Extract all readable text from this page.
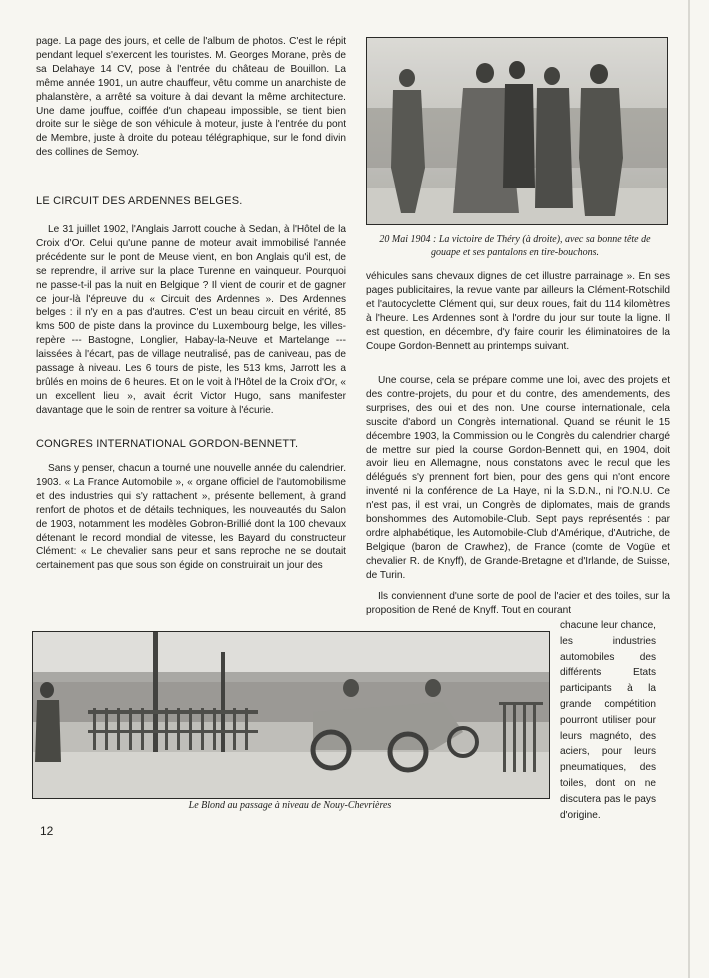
page. La page des jours, et celle de l'album de photos. C'est le répit pendant lequel s'exercent les touristes. M. Georges Morane, près de sa Delahaye 14 CV, pose à l'entrée du château de Bouillon. La même année 1901, un autre chauffeur, vêtu comme un anarchiste de phalanstère, a arrêté sa voiture à dai devant la même architecture. Une dame jouffue, coiffée d'un chapeau impossible, se tient bien droite sur le siège de son véhicule à moteur, juste à l'entrée du pont de Membre, juste à droite du poteau télégraphique, sur le fond divin des collines de Semoy.

LE CIRCUIT DES ARDENNES BELGES.

Le 31 juillet 1902, l'Anglais Jarrott couche à Sedan, à l'Hôtel de la Croix d'Or. Celui qu'une panne de moteur avait immobilisé l'année précédente sur le pont de Meuse vient, en bon Anglais qu'il est, de se reprendre, il arrive sur la place Turenne en vainqueur. Pourquoi ne passe-t-il pas la nuit en Belgique ? Il vient de courir et de gagner ce jour-là l'épreuve du « Circuit des Ardennes ». Des Ardennes belges : il n'y en a pas d'autres. C'est un beau circuit en vérité, 85 kms 500 de piste dans la province du Luxembourg belge, les villes-repère --- Bastogne, Longlier, Habay-la-Neuve et Martelange --- laissées à l'écart, pas de village neutralisé, pas de caniveau, pas de passage à niveau. Les 6 tours de piste, les 513 kms, Jarrott les a brûlés en moins de 6 heures. Et on le voit à l'Hôtel de la Croix d'Or, « un excellent lieu », avait écrit Victor Hugo, sans manifester davantage que le soin de rentrer sa voiture à l'écurie.

CONGRES INTERNATIONAL GORDON-BENNETT.

Sans y penser, chacun a tourné une nouvelle année du calendrier. 1903. « La France Automobile », « organe officiel de l'automobilisme et des industries qui s'y rattachent », présente bellement, à grand renfort de photos et de détails techniques, les nouveautés du Salon de 1903, notamment les modèles Gobron-Brillié dont la 100 chevaux détenant le record mondial de vitesse, les Bayard du constructeur Clément: « Le chevalier sans peur et sans reproche ne se doutait certainement pas que sous son égide on construirait un jour des

20 Mai 1904 : La victoire de Théry (à droite), avec sa bonne tête de gouape et ses pantalons en tire-bouchons.

véhicules sans chevaux dignes de cet illustre parrainage ». En ses pages publicitaires, la revue vante par ailleurs la Clément-Rotschild et l'autocyclette Clément qui, sur deux roues, fait du 114 kilomètres à l'heure. Les Ardennes sont à l'ordre du jour sur toute la ligne. Il est question, en décembre, d'y faire courir les éliminatoires de la Coupe Gordon-Bennett au printemps suivant.

Une course, cela se prépare comme une loi, avec des projets et des contre-projets, du pour et du contre, des amendements, des surprises, des oui et des non. Une course internationale, cela suscite d'abord un Congrès international. Quand se réunit le 15 décembre 1903, la Commission ou le Congrès du calendrier chargé de mettre sur pied la course Gordon-Bennett qui, en 1904, doit avoir lieu en Allemagne, nous constatons avec le recul que les délégués s'y prennent fort bien, pour des gens qui n'ont encore inventé ni la conférence de La Haye, ni la S.D.N., ni l'O.N.U. Ce n'est pas, il est vrai, un Congrès de diplomates, mais de grands bonshommes des Automobile-Club. Sept pays représentés : par ordre alphabétique, les Automobile-Club d'Amérique, d'Autriche, de Belgique (baron de Crawhez), de France (comte de Vogüe et chevalier R. de Knyff), de Grande-Bretagne et d'Irlande, de Suisse, de Turin.

Ils conviennent d'une sorte de pool de l'acier et des toiles, sur la proposition de René de Knyff. Tout en courant

Le Blond au passage à niveau de Nouy-Chevrières

chacune leur chance, les industries automobiles des différents Etats participants à la grande compétition pourront utiliser pour leurs magnéto, des aciers, pour leurs pneumatiques, des toiles, dont on ne discutera pas le pays d'origine.

12
